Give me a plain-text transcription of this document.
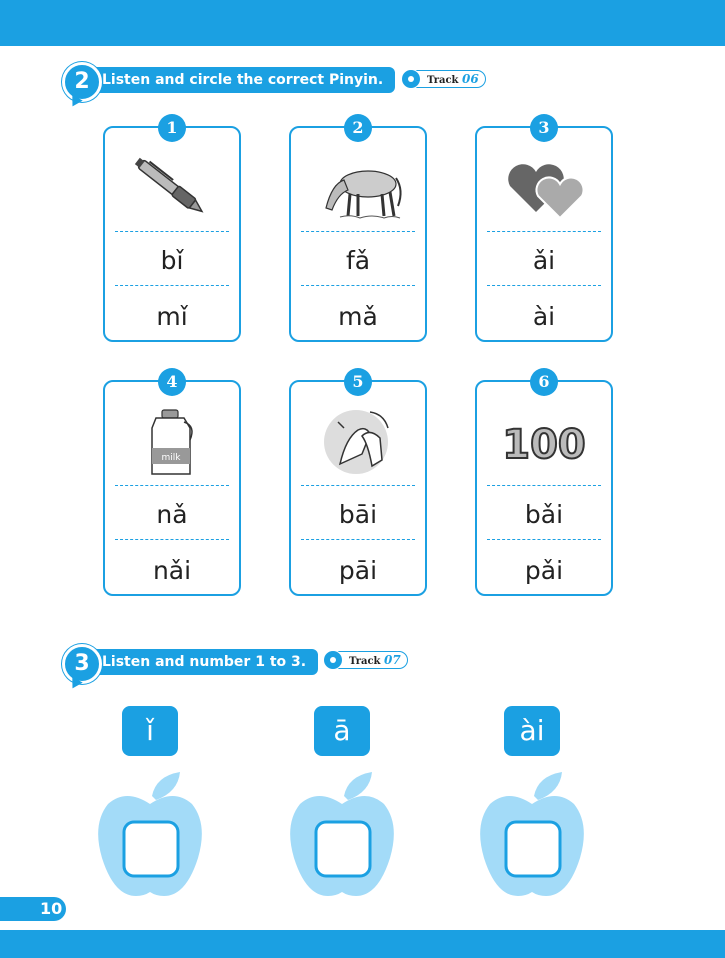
2 Listen and circle the correct Pinyin.	Track 06
1
bǐ
mǐ
2
fǎ
mǎ
3
ǎi
ài
4
milk
nǎ
nǎi
5
bāi
pāi
6
100
bǎi
pǎi
3 Listen and number 1 to 3.	Track 07
ǐ	ā	ài
10
